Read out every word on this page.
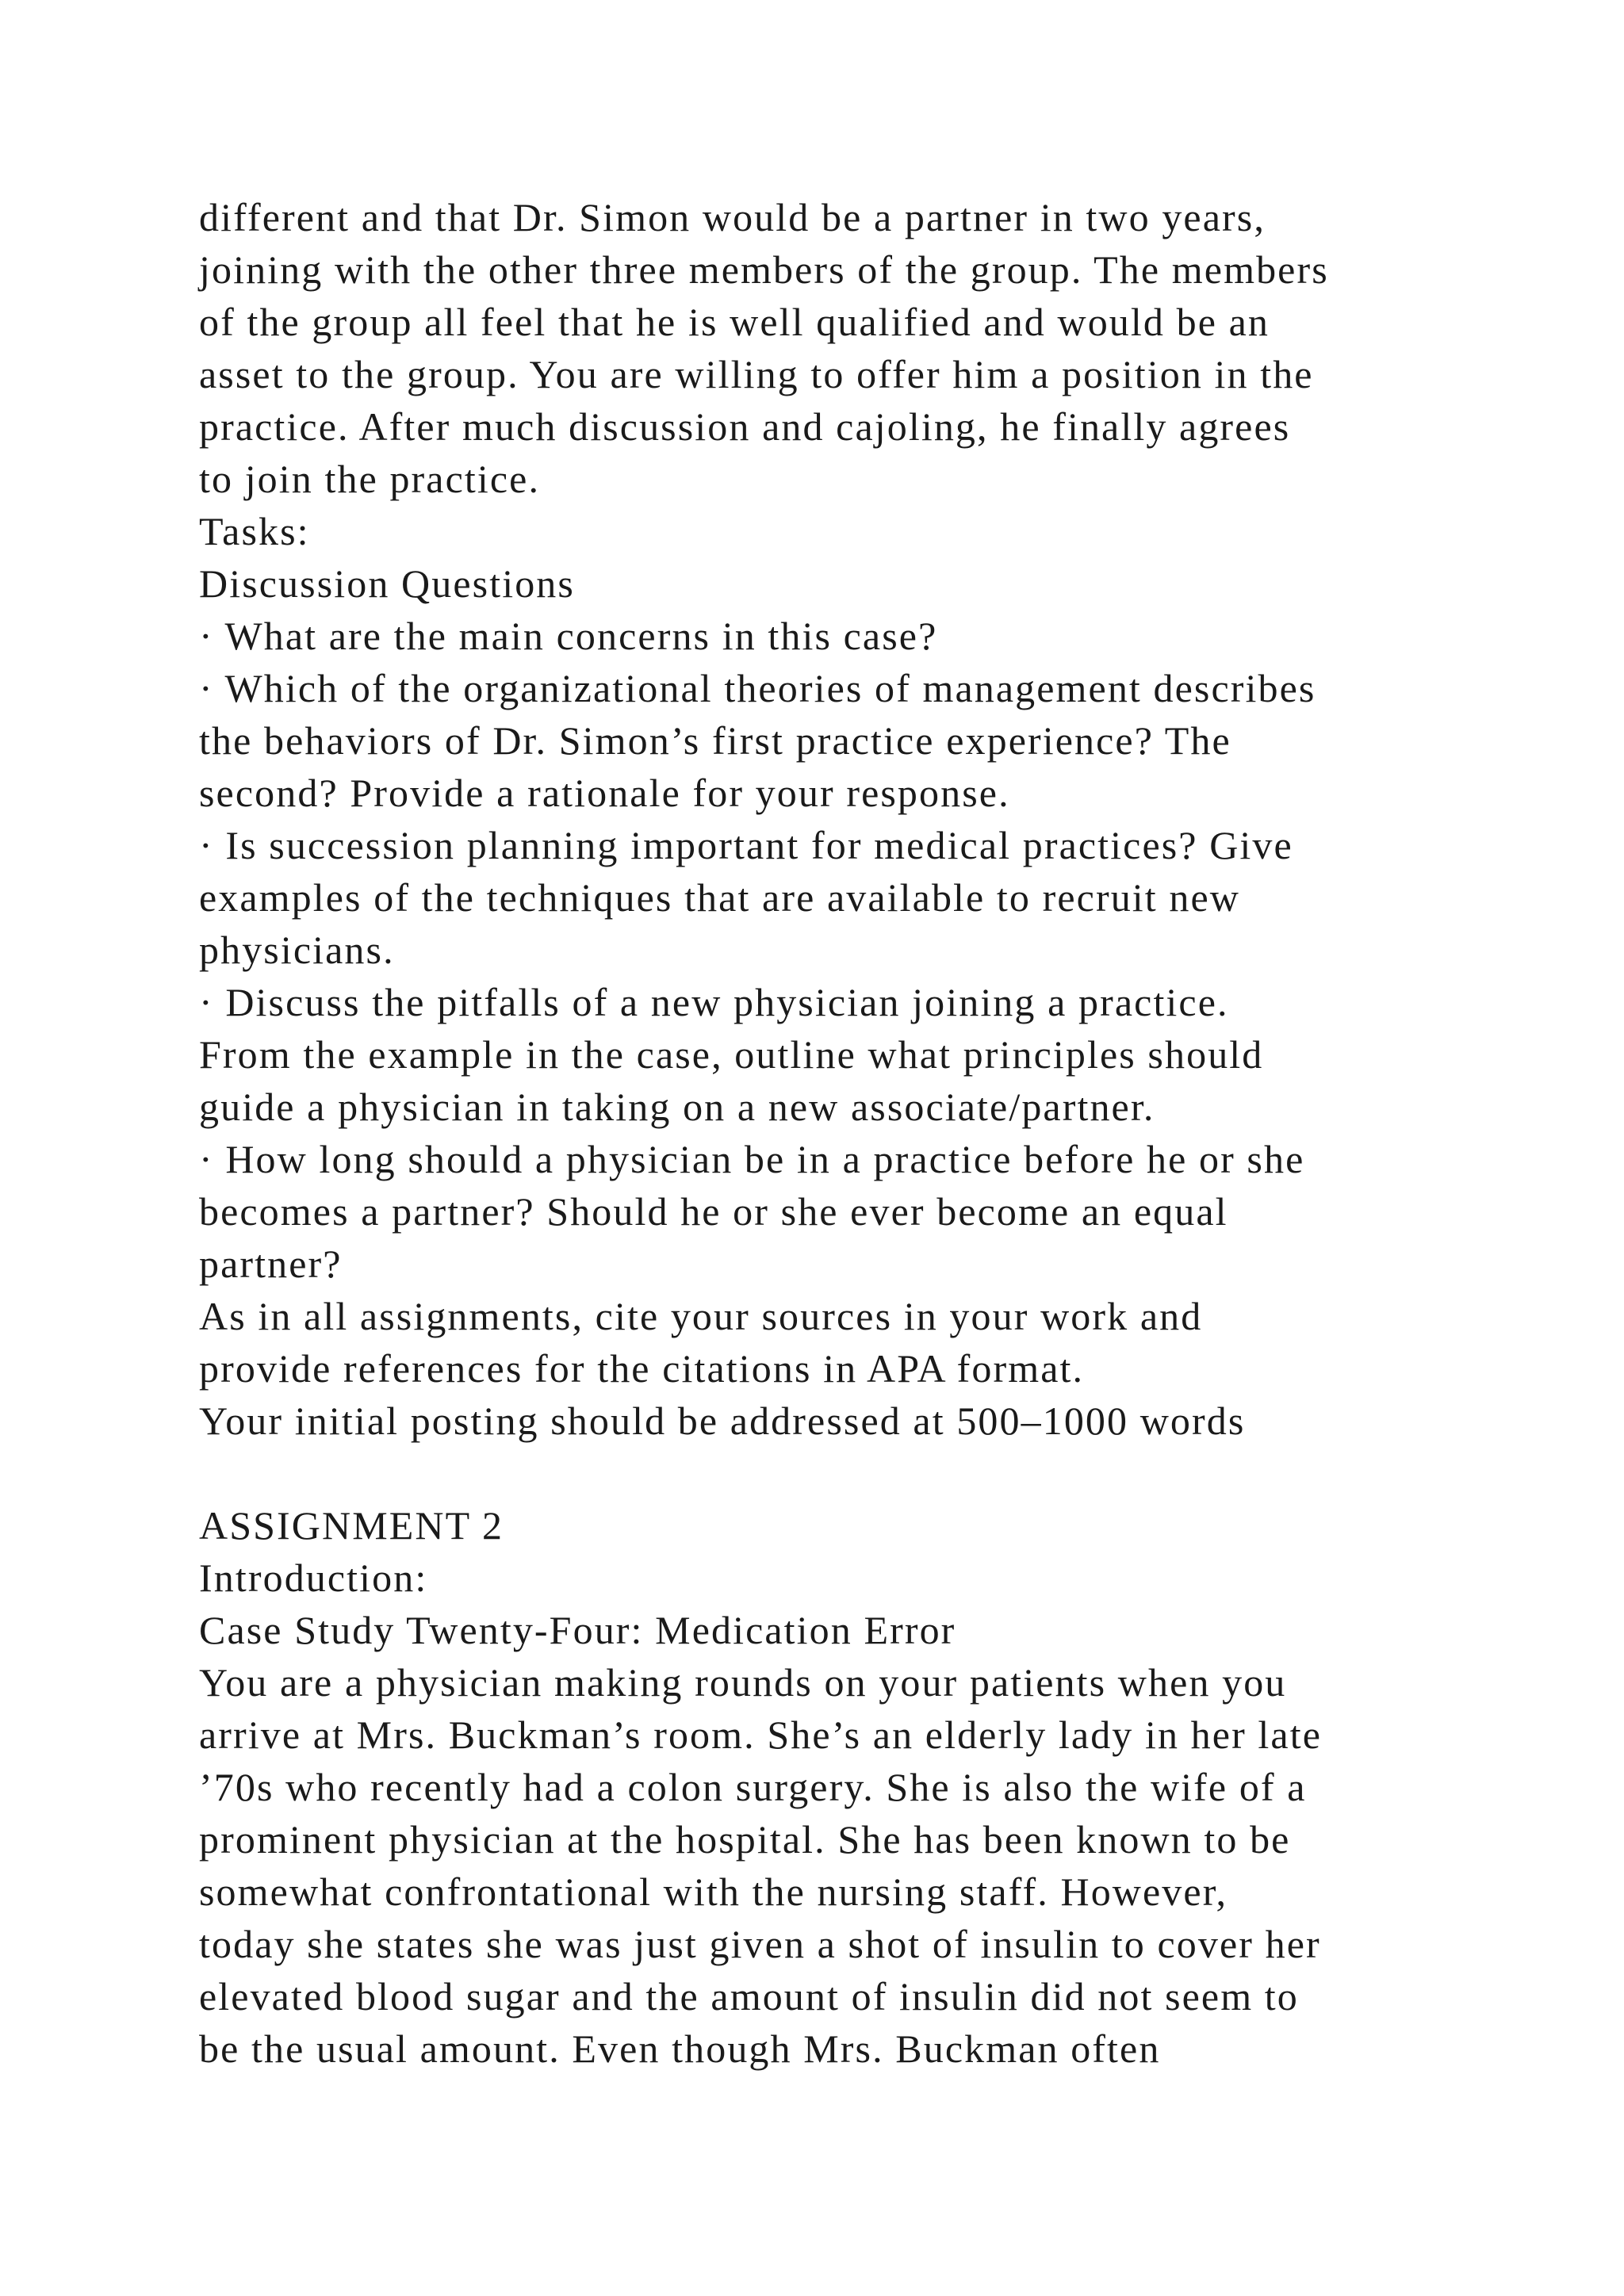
different and that Dr. Simon would be a partner in two years,
joining with the other three members of the group. The members
of the group all feel that he is well qualified and would be an
asset to the group. You are willing to offer him a position in the
practice. After much discussion and cajoling, he finally agrees
to join the practice.
Tasks:
Discussion Questions
· What are the main concerns in this case?
· Which of the organizational theories of management describes
the behaviors of Dr. Simon’s first practice experience? The
second? Provide a rationale for your response.
· Is succession planning important for medical practices? Give
examples of the techniques that are available to recruit new
physicians.
· Discuss the pitfalls of a new physician joining a practice.
From the example in the case, outline what principles should
guide a physician in taking on a new associate/partner.
· How long should a physician be in a practice before he or she
becomes a partner? Should he or she ever become an equal
partner?
As in all assignments, cite your sources in your work and
provide references for the citations in APA format.
Your initial posting should be addressed at 500–1000 words
ASSIGNMENT 2
Introduction:
Case Study Twenty-Four: Medication Error
You are a physician making rounds on your patients when you
arrive at Mrs. Buckman’s room. She’s an elderly lady in her late
’70s who recently had a colon surgery. She is also the wife of a
prominent physician at the hospital. She has been known to be
somewhat confrontational with the nursing staff. However,
today she states she was just given a shot of insulin to cover her
elevated blood sugar and the amount of insulin did not seem to
be the usual amount. Even though Mrs. Buckman often
